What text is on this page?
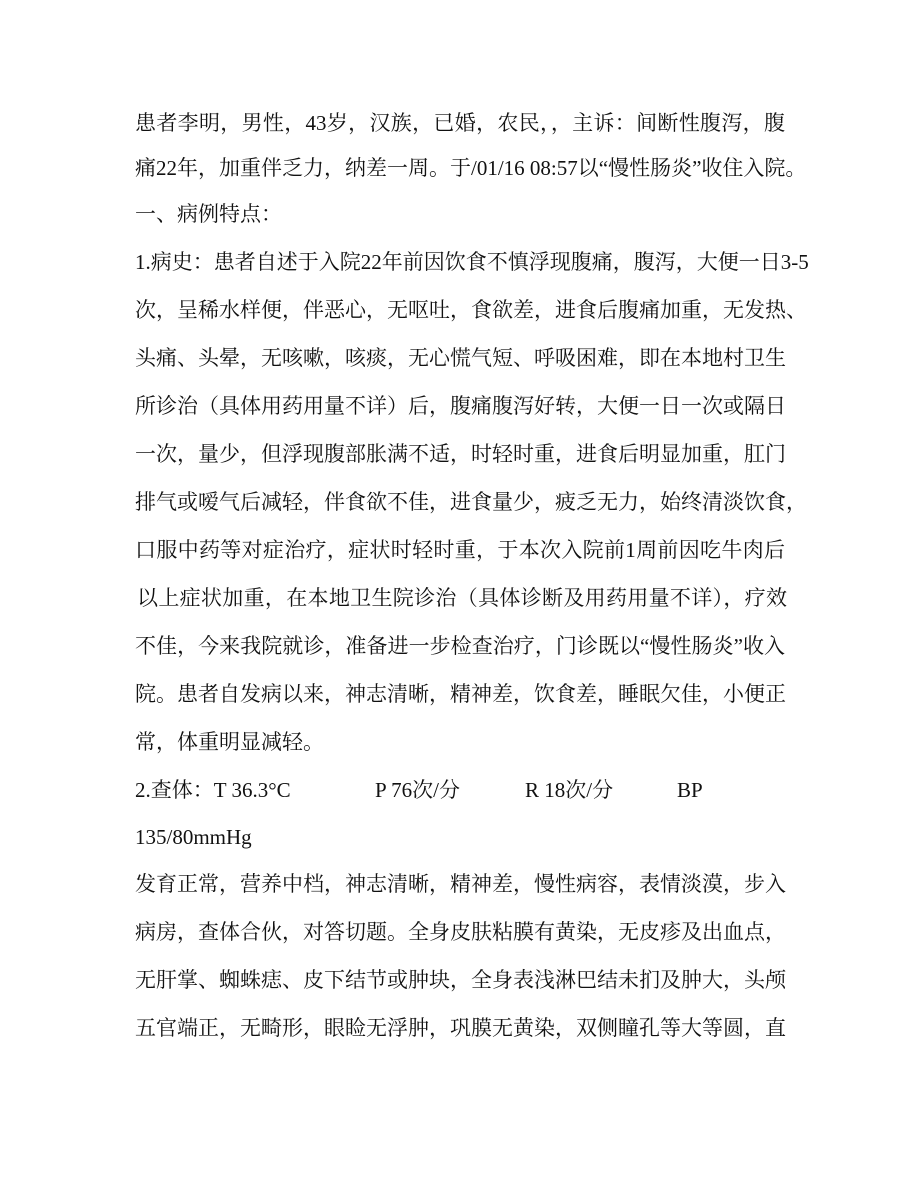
患者李明，男性，43岁，汉族，已婚，农民，，主诉：间断性腹泻，腹
痛22年，加重伴乏力，纳差一周。于/01/16 08:57以“慢性肠炎”收住入院。
一、病例特点：
1.病史：患者自述于入院22年前因饮食不慎浮现腹痛，腹泻，大便一日3-5
次，呈稀水样便，伴恶心，无呕吐，食欲差，进食后腹痛加重，无发热、
头痛、头晕，无咳嗽，咳痰，无心慌气短、呼吸困难，即在本地村卫生
所诊治（具体用药用量不详）后，腹痛腹泻好转，大便一日一次或隔日
一次，量少，但浮现腹部胀满不适，时轻时重，进食后明显加重，肛门
排气或嗳气后减轻，伴食欲不佳，进食量少，疲乏无力，始终清淡饮食，
口服中药等对症治疗，症状时轻时重，于本次入院前1周前因吃牛肉后
以上症状加重，在本地卫生院诊治（具体诊断及用药用量不详），疗效
不佳，今来我院就诊，准备进一步检查治疗，门诊既以“慢性肠炎”收入
院。患者自发病以来，神志清晰，精神差，饮食差，睡眠欠佳，小便正
常，体重明显减轻。
2.查体：T 36.3°C	P 76次/分	R 18次/分	BP
135/80mmHg
发育正常，营养中档，神志清晰，精神差，慢性病容，表情淡漠，步入
病房，查体合伙，对答切题。全身皮肤粘膜有黄染，无皮疹及出血点，
无肝掌、蜘蛛痣、皮下结节或肿块，全身表浅淋巴结未扪及肿大，头颅
五官端正，无畸形，眼睑无浮肿，巩膜无黄染，双侧瞳孔等大等圆，直
